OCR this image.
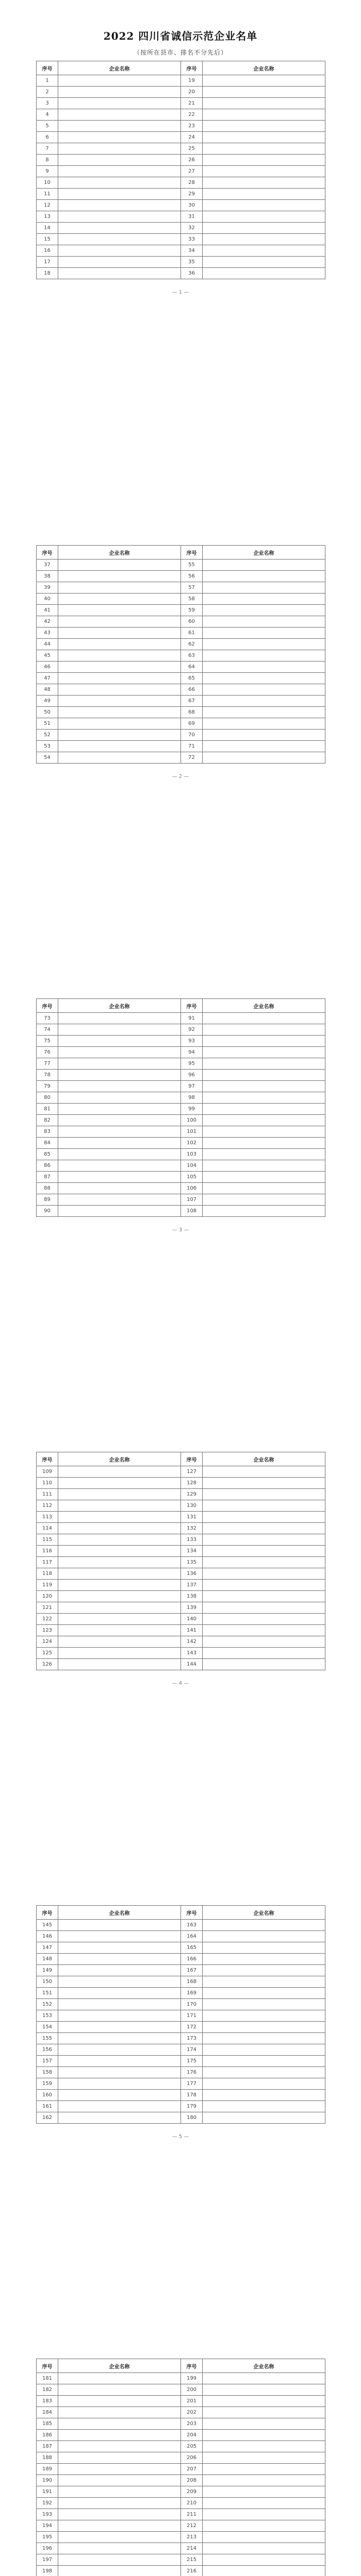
2022 四川省诚信示范企业名单

（按所在县市、排名不分先后）

序号	企业名称	序号	企业名称
1		19	
2		20	
3		21	
4		22	
5		23	
6		24	
7		25	
8		26	
9		27	
10		28	
11		29	
12		30	
13		31	
14		32	
15		33	
16		34	
17		35	
18		36	
序号	企业名称	序号	企业名称
37		55	
38		56	
39		57	
40		58	
41		59	
42		60	
43		61	
44		62	
45		63	
46		64	
47		65	
48		66	
49		67	
50		68	
51		69	
52		70	
53		71	
54		72	
序号	企业名称	序号	企业名称
73		91	
74		92	
75		93	
76		94	
77		95	
78		96	
79		97	
80		98	
81		99	
82		100	
83		101	
84		102	
85		103	
86		104	
87		105	
88		106	
89		107	
90		108	
序号	企业名称	序号	企业名称
109		127	
110		128	
111		129	
112		130	
113		131	
114		132	
115		133	
116		134	
117		135	
118		136	
119		137	
120		138	
121		139	
122		140	
123		141	
124		142	
125		143	
126		144	
序号	企业名称	序号	企业名称
145		163	
146		164	
147		165	
148		166	
149		167	
150		168	
151		169	
152		170	
153		171	
154		172	
155		173	
156		174	
157		175	
158		176	
159		177	
160		178	
161		179	
162		180	
序号	企业名称	序号	企业名称
181		199	
182		200	
183		201	
184		202	
185		203	
186		204	
187		205	
188		206	
189		207	
190		208	
191		209	
192		210	
193		211	
194		212	
195		213	
196		214	
197		215	
198		216	

— 1 —
— 2 —
— 3 —
— 4 —
— 5 —
